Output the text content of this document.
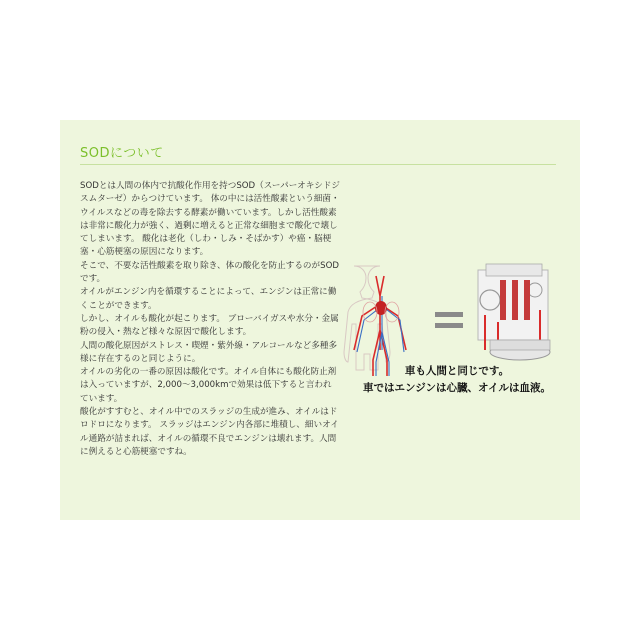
SODについて

SODとは人間の体内で抗酸化作用を持つSOD（スーパーオキシドジスムターゼ）からつけています。 体の中には活性酸素という細菌・ウイルスなどの毒を除去する酵素が働いています。しかし活性酸素は非常に酸化力が強く、過剰に増えると正常な細胞まで酸化で壊してしまいます。 酸化は老化（しわ・しみ・そばかす）や癌・脳梗塞・心筋梗塞の原因になります。

そこで、不要な活性酸素を取り除き、体の酸化を防止するのがSODです。

オイルがエンジン内を循環することによって、エンジンは正常に働くことができます。

しかし、オイルも酸化が起こります。 ブローバイガスや水分・金属粉の侵入・熱など様々な原因で酸化します。

人間の酸化原因がストレス・喫煙・紫外線・アルコールなど多種多様に存在するのと同じように。

オイルの劣化の一番の原因は酸化です。オイル自体にも酸化防止剤は入っていますが、2,000～3,000kmで効果は低下すると言われています。

酸化がすすむと、オイル中でのスラッジの生成が進み、オイルはドロドロになります。 スラッジはエンジン内各部に堆積し、細いオイル通路が詰まれば、オイルの循環不良でエンジンは壊れます。人間に例えると心筋梗塞ですね。

車も人間と同じです。

車ではエンジンは心臓、オイルは血液。
